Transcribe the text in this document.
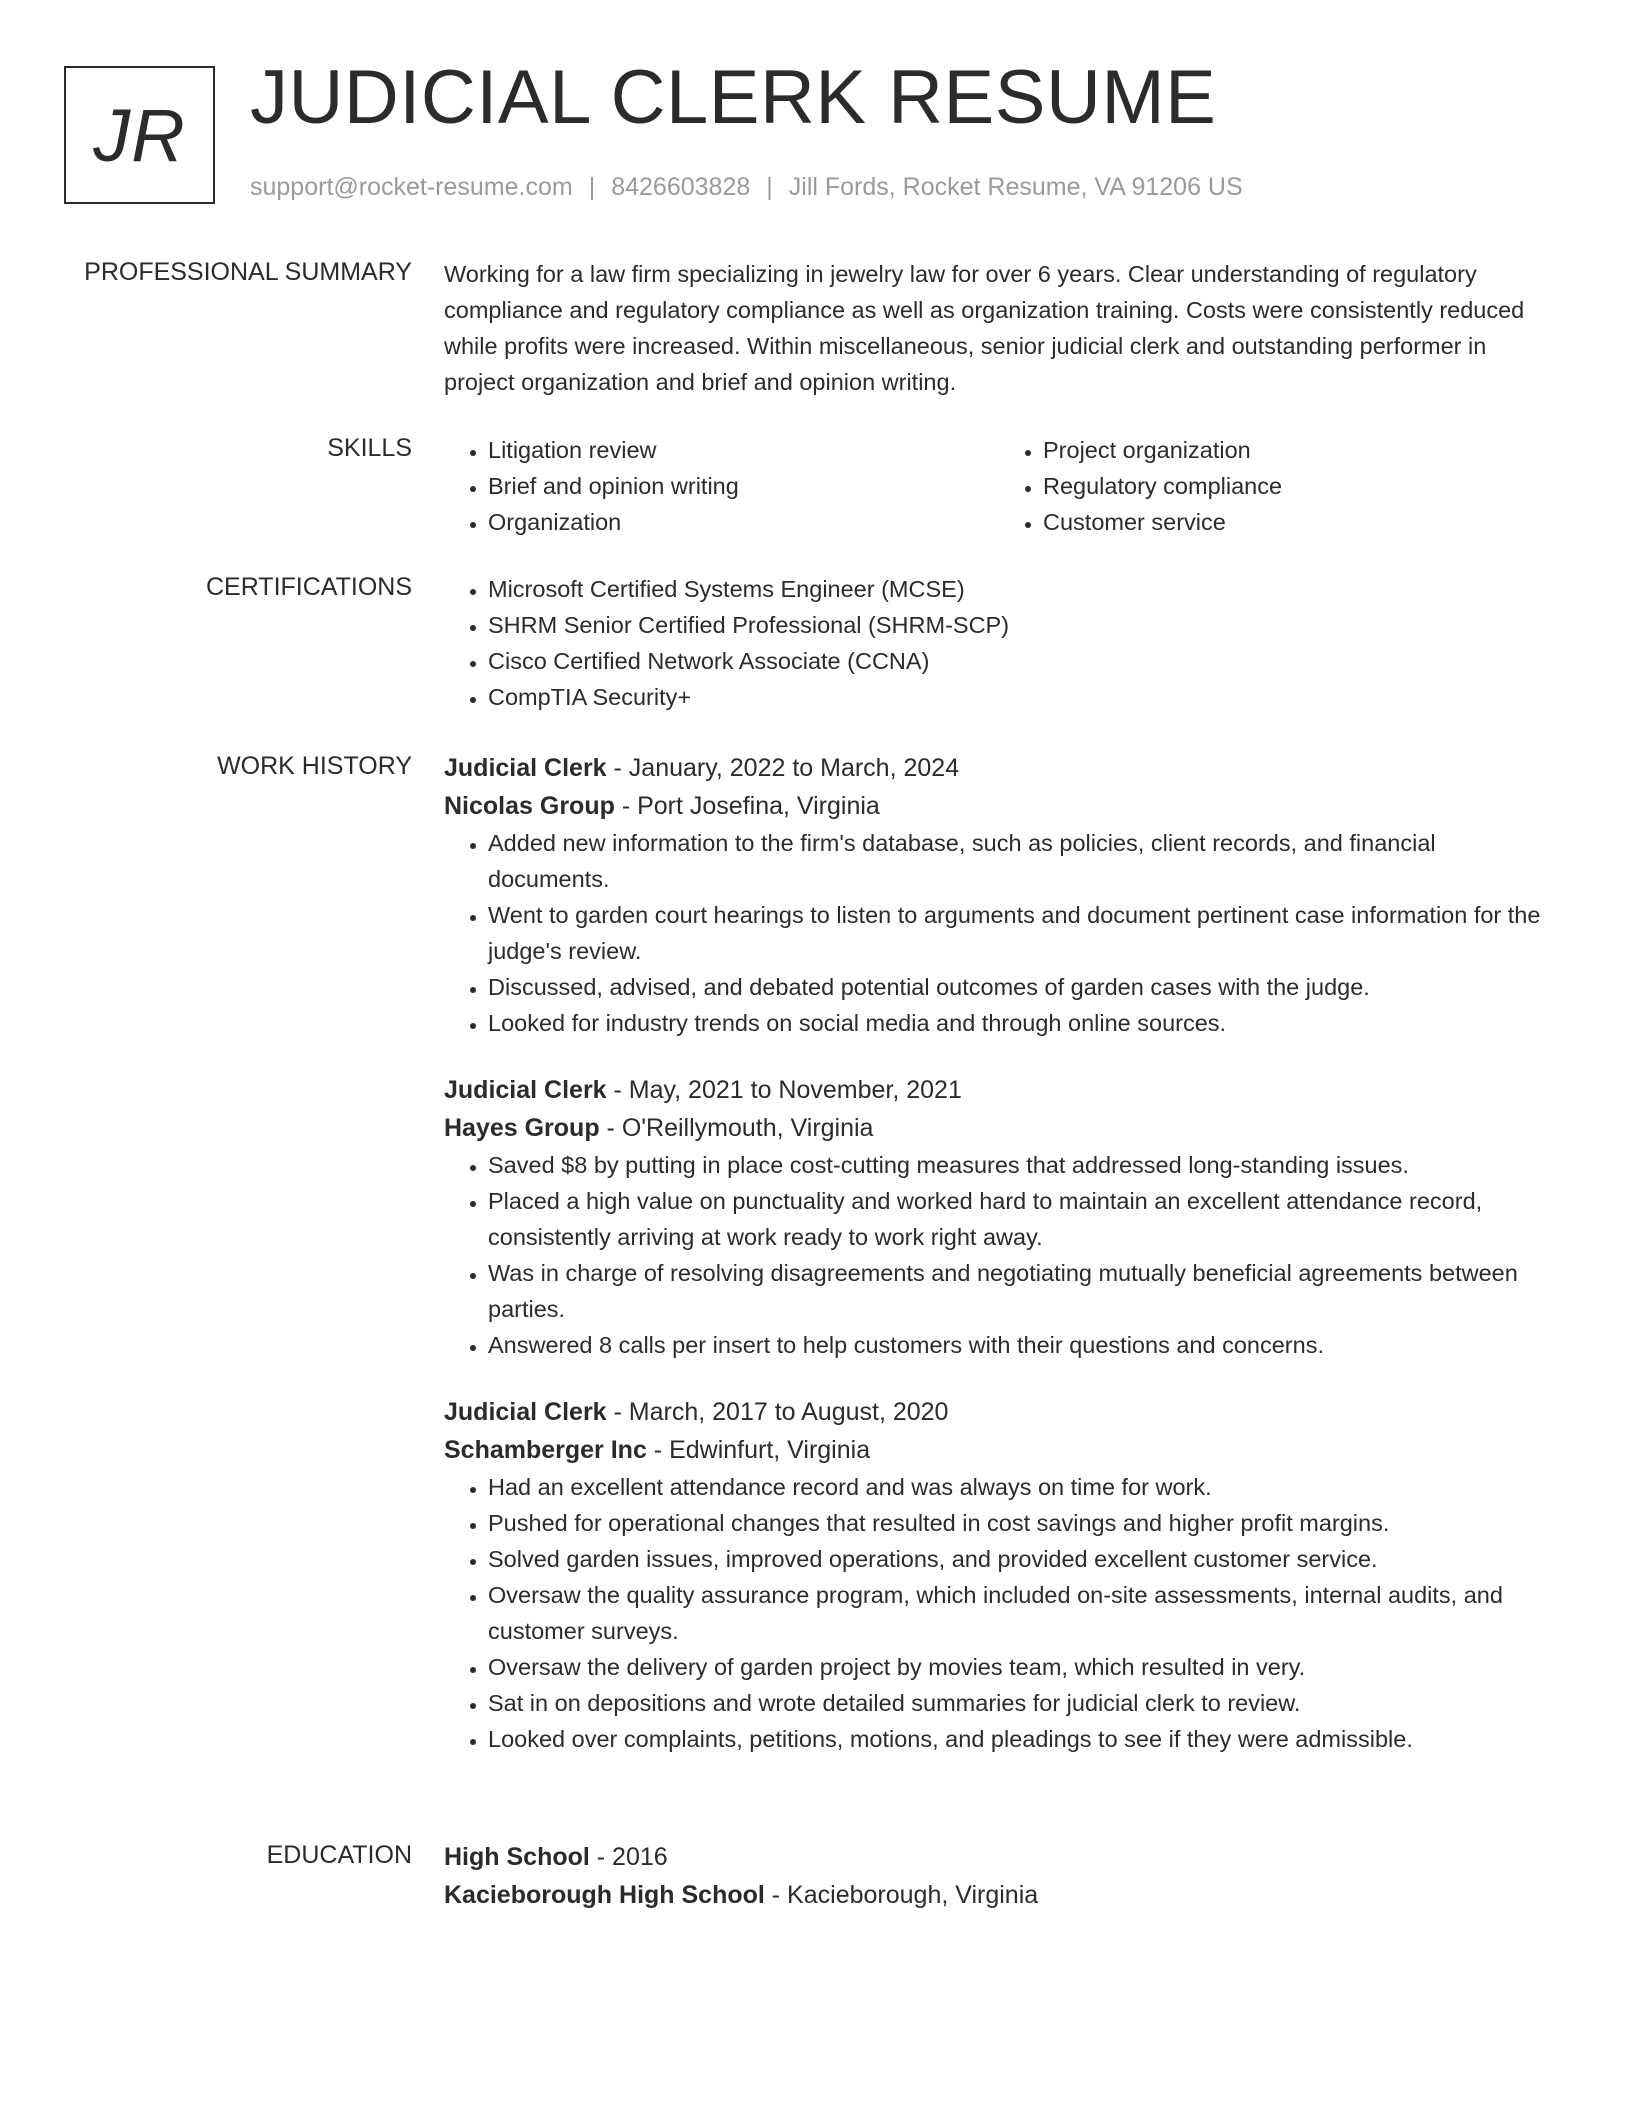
JR JUDICIAL CLERK RESUME
support@rocket-resume.com | 8426603828 | Jill Fords, Rocket Resume, VA 91206 US
PROFESSIONAL SUMMARY Working for a law firm specializing in jewelry law for over 6 years. Clear understanding of regulatory compliance and regulatory compliance as well as organization training. Costs were consistently reduced while profits were increased. Within miscellaneous, senior judicial clerk and outstanding performer in project organization and brief and opinion writing.

SKILLS	• Litigation review
• Brief and opinion writing
• Organization
• Project organization
• Regulatory compliance
• Customer service
CERTIFICATIONS	• Microsoft Certified Systems Engineer (MCSE)
• SHRM Senior Certified Professional (SHRM-SCP)
• Cisco Certified Network Associate (CCNA)
• CompTIA Security+
WORK HISTORY Judicial Clerk - January, 2022 to March, 2024
Nicolas Group - Port Josefina, Virginia
• Added new information to the firm's database, such as policies, client records, and financial documents.
• Went to garden court hearings to listen to arguments and document pertinent case information for the judge's review.
• Discussed, advised, and debated potential outcomes of garden cases with the judge.
• Looked for industry trends on social media and through online sources.
Judicial Clerk - May, 2021 to November, 2021
Hayes Group - O'Reillymouth, Virginia
• Saved $8 by putting in place cost-cutting measures that addressed long-standing issues.
• Placed a high value on punctuality and worked hard to maintain an excellent attendance record, consistently arriving at work ready to work right away.
• Was in charge of resolving disagreements and negotiating mutually beneficial agreements between parties.
• Answered 8 calls per insert to help customers with their questions and concerns.
Judicial Clerk - March, 2017 to August, 2020
Schamberger Inc - Edwinfurt, Virginia
• Had an excellent attendance record and was always on time for work.
• Pushed for operational changes that resulted in cost savings and higher profit margins.
• Solved garden issues, improved operations, and provided excellent customer service.
• Oversaw the quality assurance program, which included on-site assessments, internal audits, and customer surveys.
• Oversaw the delivery of garden project by movies team, which resulted in very.
• Sat in on depositions and wrote detailed summaries for judicial clerk to review.
• Looked over complaints, petitions, motions, and pleadings to see if they were admissible.
EDUCATION High School - 2016
Kacieborough High School - Kacieborough, Virginia
